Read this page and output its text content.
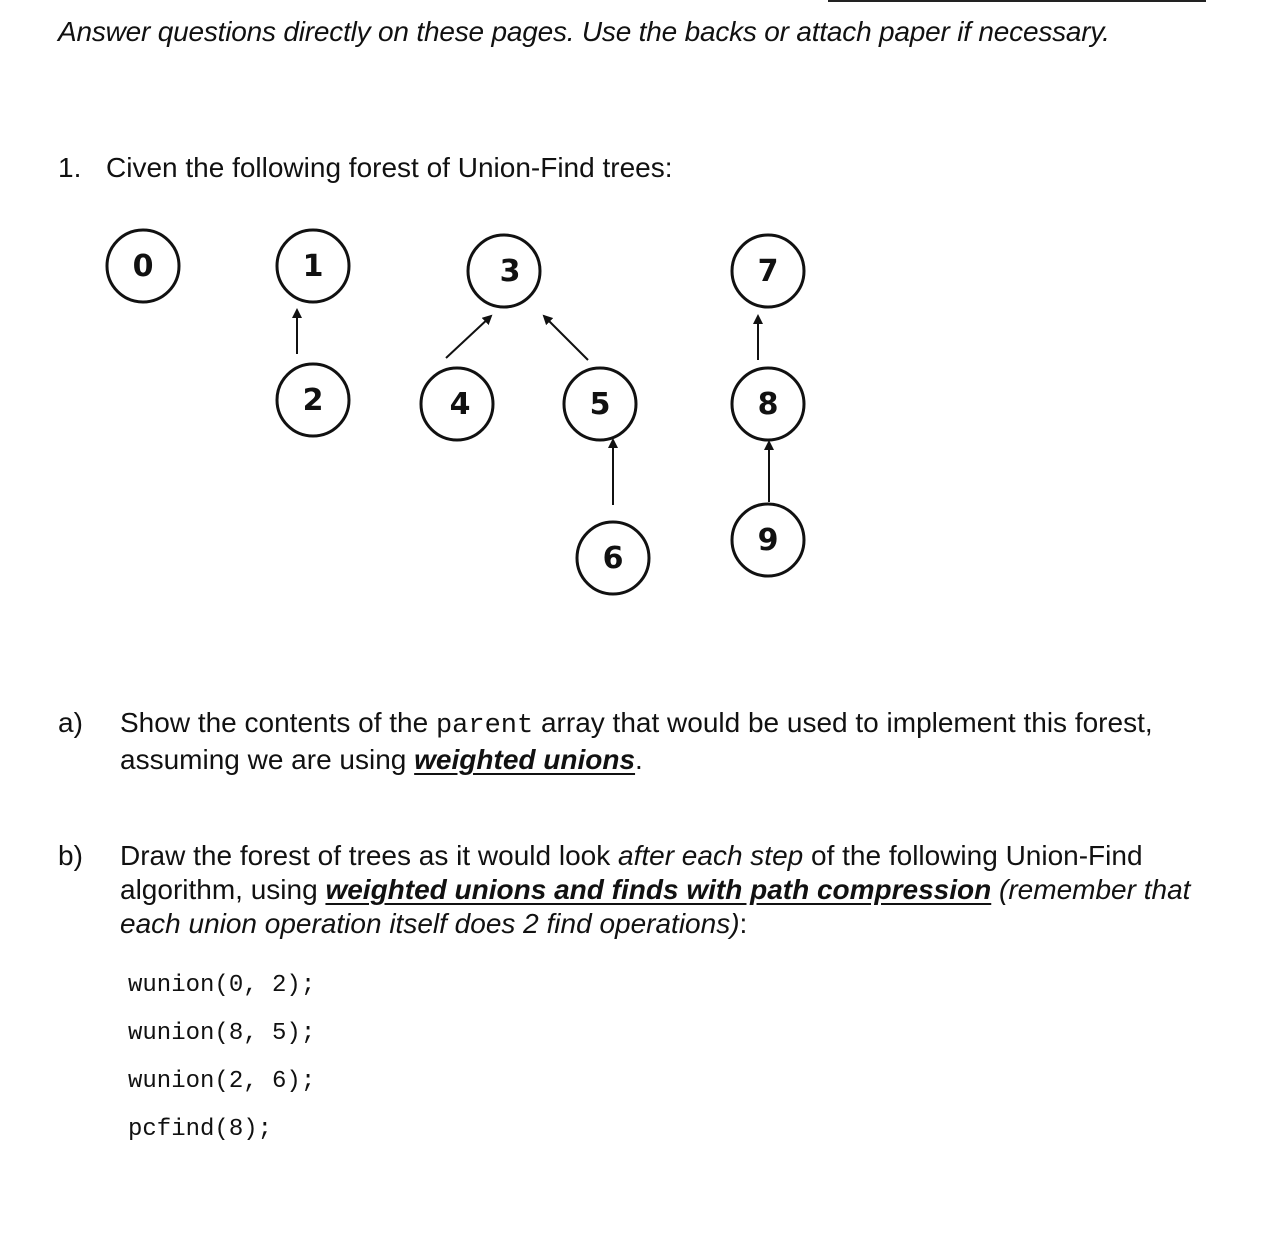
Answer questions directly on these pages. Use the backs or attach paper if necessary.
1. Civen the following forest of Union-Find trees:
0	1
2
3
4	5
6
7
8
9
a) Show the contents of the parent array that would be used to implement this forest, assuming we are using weighted unions.
b) Draw the forest of trees as it would look after each step of the following Union-Find algorithm, using weighted unions and finds with path compression (remember that each union operation itself does 2 find operations):
wunion(0, 2);
wunion(8, 5);
wunion(2, 6);
pcfind(8);
